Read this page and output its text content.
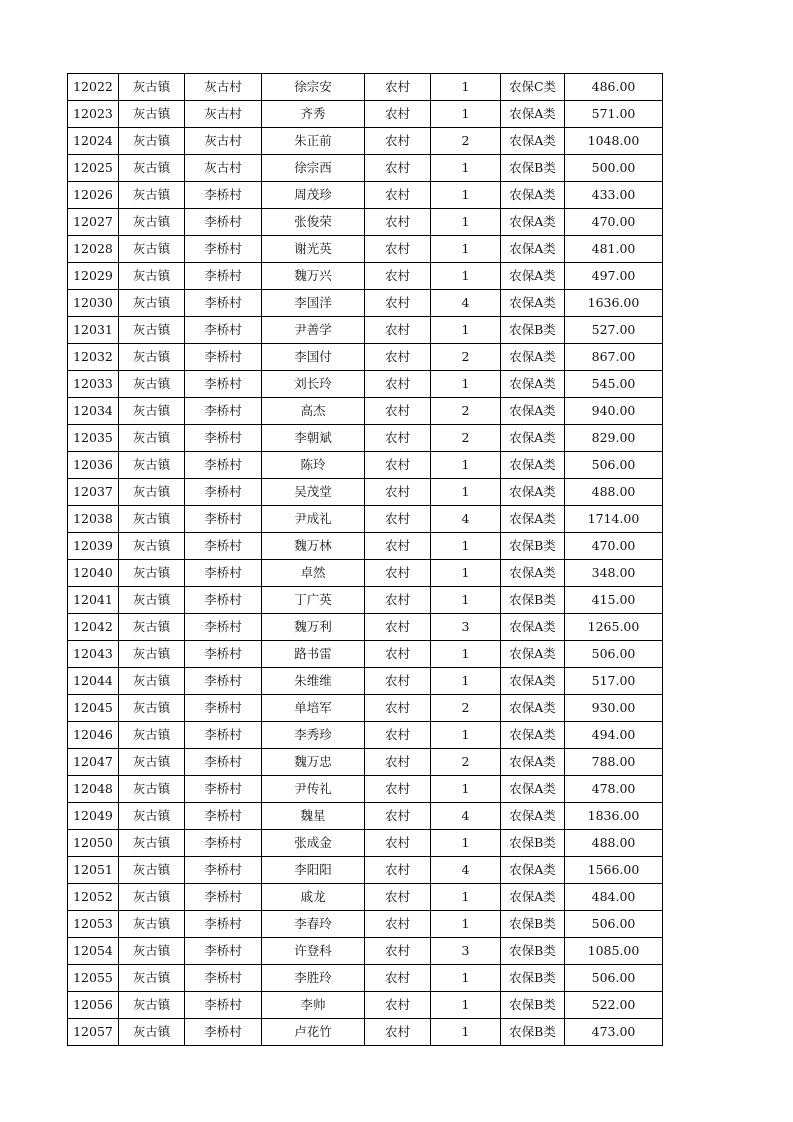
12022	灰古镇	灰古村	徐宗安	农村	1	农保C类	486.00
12023	灰古镇	灰古村	齐秀	农村	1	农保A类	571.00
12024	灰古镇	灰古村	朱正前	农村	2	农保A类	1048.00
12025	灰古镇	灰古村	徐宗西	农村	1	农保B类	500.00
12026	灰古镇	李桥村	周茂珍	农村	1	农保A类	433.00
12027	灰古镇	李桥村	张俊荣	农村	1	农保A类	470.00
12028	灰古镇	李桥村	谢光英	农村	1	农保A类	481.00
12029	灰古镇	李桥村	魏万兴	农村	1	农保A类	497.00
12030	灰古镇	李桥村	李国洋	农村	4	农保A类	1636.00
12031	灰古镇	李桥村	尹善学	农村	1	农保B类	527.00
12032	灰古镇	李桥村	李国付	农村	2	农保A类	867.00
12033	灰古镇	李桥村	刘长玲	农村	1	农保A类	545.00
12034	灰古镇	李桥村	高杰	农村	2	农保A类	940.00
12035	灰古镇	李桥村	李朝斌	农村	2	农保A类	829.00
12036	灰古镇	李桥村	陈玲	农村	1	农保A类	506.00
12037	灰古镇	李桥村	吴茂堂	农村	1	农保A类	488.00
12038	灰古镇	李桥村	尹成礼	农村	4	农保A类	1714.00
12039	灰古镇	李桥村	魏万林	农村	1	农保B类	470.00
12040	灰古镇	李桥村	卓然	农村	1	农保A类	348.00
12041	灰古镇	李桥村	丁广英	农村	1	农保B类	415.00
12042	灰古镇	李桥村	魏万利	农村	3	农保A类	1265.00
12043	灰古镇	李桥村	路书雷	农村	1	农保A类	506.00
12044	灰古镇	李桥村	朱维维	农村	1	农保A类	517.00
12045	灰古镇	李桥村	单培军	农村	2	农保A类	930.00
12046	灰古镇	李桥村	李秀珍	农村	1	农保A类	494.00
12047	灰古镇	李桥村	魏万忠	农村	2	农保A类	788.00
12048	灰古镇	李桥村	尹传礼	农村	1	农保A类	478.00
12049	灰古镇	李桥村	魏星	农村	4	农保A类	1836.00
12050	灰古镇	李桥村	张成金	农村	1	农保B类	488.00
12051	灰古镇	李桥村	李阳阳	农村	4	农保A类	1566.00
12052	灰古镇	李桥村	戚龙	农村	1	农保A类	484.00
12053	灰古镇	李桥村	李春玲	农村	1	农保B类	506.00
12054	灰古镇	李桥村	许登科	农村	3	农保B类	1085.00
12055	灰古镇	李桥村	李胜玲	农村	1	农保B类	506.00
12056	灰古镇	李桥村	李帅	农村	1	农保B类	522.00
12057	灰古镇	李桥村	卢花竹	农村	1	农保B类	473.00
